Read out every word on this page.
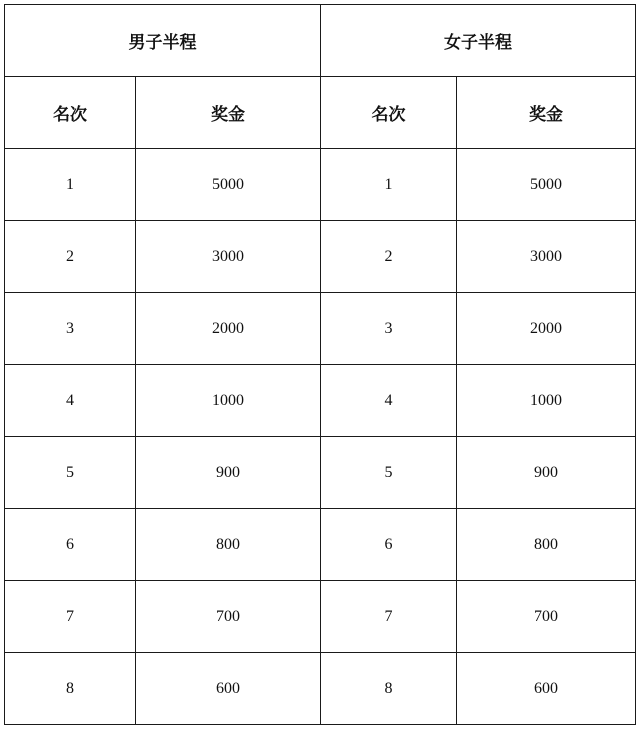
男子半程		女子半程	
名次	奖金	名次	奖金
1	5000	1	5000
2	3000	2	3000
3	2000	3	2000
4	1000	4	1000
5	900	5	900
6	800	6	800
7	700	7	700
8	600	8	600
